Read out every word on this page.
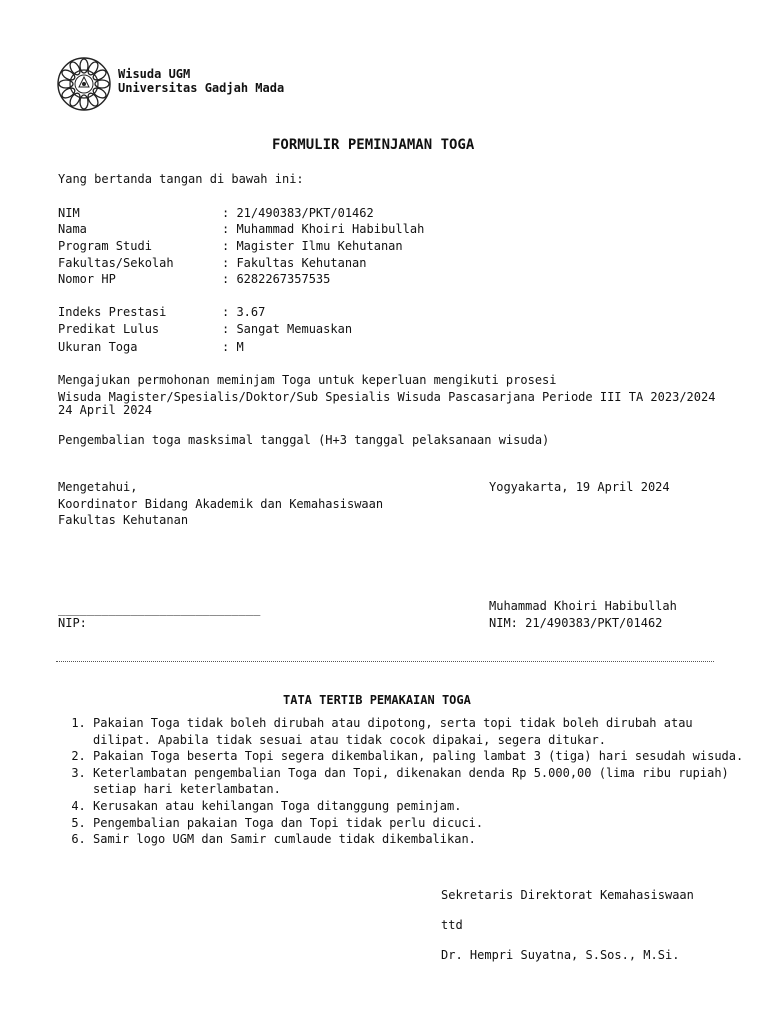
Wisuda UGM
Universitas Gadjah Mada
FORMULIR PEMINJAMAN TOGA
Yang bertanda tangan di bawah ini:
NIM	: 21/490383/PKT/01462
Nama	: Muhammad Khoiri Habibullah
Program Studi	: Magister Ilmu Kehutanan
Fakultas/Sekolah	: Fakultas Kehutanan
Nomor HP	: 6282267357535
Indeks Prestasi	: 3.67
Predikat Lulus	: Sangat Memuaskan
Ukuran Toga	: M
Mengajukan permohonan meminjam Toga untuk keperluan mengikuti prosesi
Wisuda Magister/Spesialis/Doktor/Sub Spesialis Wisuda Pascasarjana Periode III TA 2023/2024
24 April 2024
Pengembalian toga masksimal tanggal (H+3 tanggal pelaksanaan wisuda)
Mengetahui,
Koordinator Bidang Akademik dan Kemahasiswaan
Fakultas Kehutanan
Yogyakarta, 19 April 2024
____________________________
NIP:
Muhammad Khoiri Habibullah
NIM: 21/490383/PKT/01462
TATA TERTIB PEMAKAIAN TOGA
1. Pakaian Toga tidak boleh dirubah atau dipotong, serta topi tidak boleh dirubah atau dilipat. Apabila tidak sesuai atau tidak cocok dipakai, segera ditukar.
2. Pakaian Toga beserta Topi segera dikembalikan, paling lambat 3 (tiga) hari sesudah wisuda.
3. Keterlambatan pengembalian Toga dan Topi, dikenakan denda Rp 5.000,00 (lima ribu rupiah) setiap hari keterlambatan.
4. Kerusakan atau kehilangan Toga ditanggung peminjam.
5. Pengembalian pakaian Toga dan Topi tidak perlu dicuci.
6. Samir logo UGM dan Samir cumlaude tidak dikembalikan.
Sekretaris Direktorat Kemahasiswaan
ttd
Dr. Hempri Suyatna, S.Sos., M.Si.
